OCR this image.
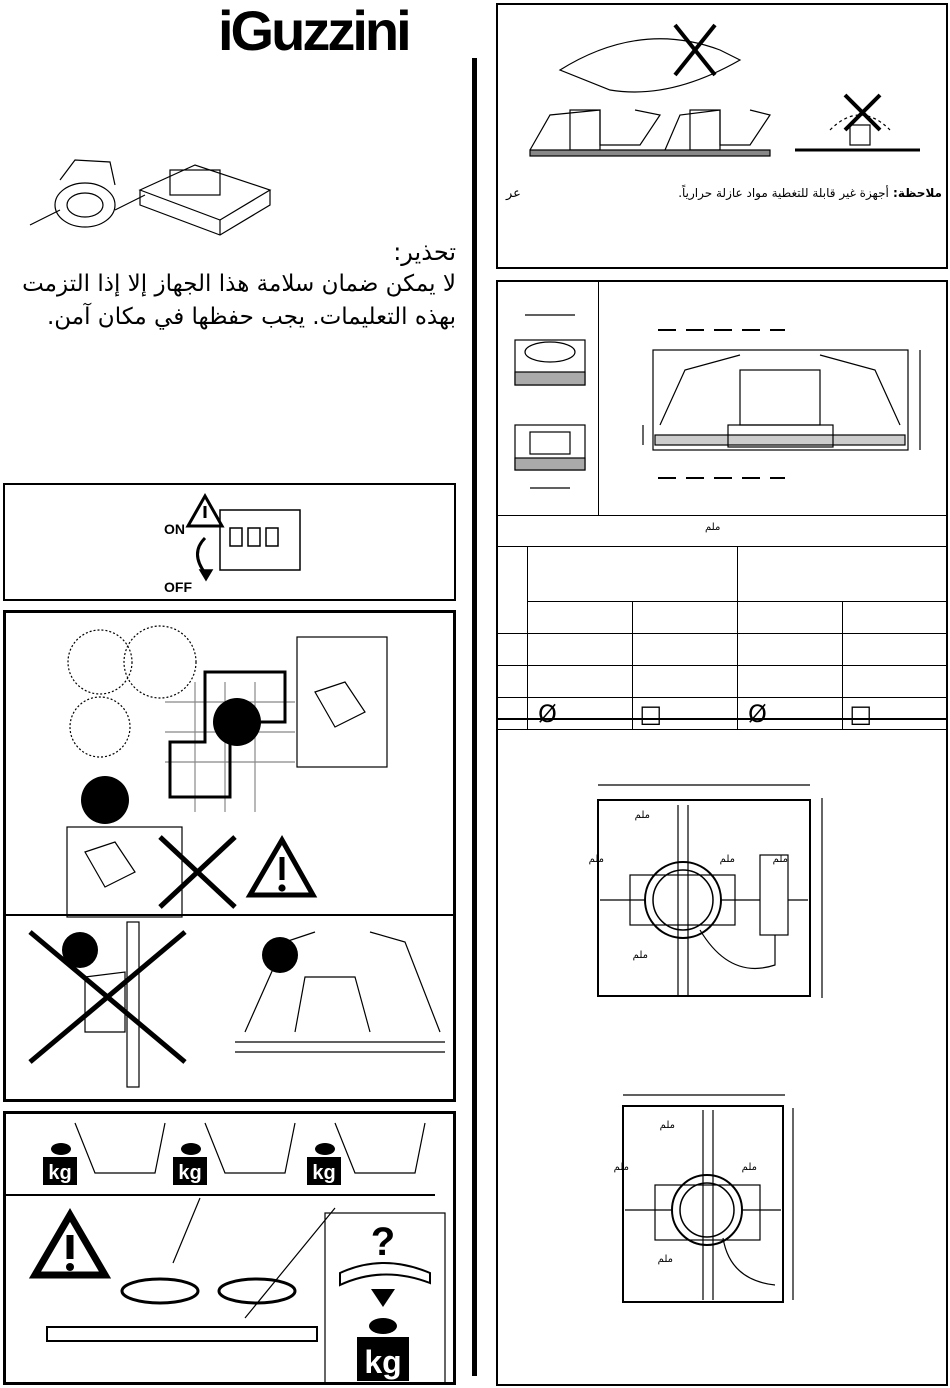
iGuzzini
تحذير:
لا يمكن ضمان سلامة هذا الجهاز إلا إذا التزمت بهذه التعليمات. يجب حفظها في مكان آمن.
ON
OFF
kg	kg	kg
?
kg
ملاحظة: أجهزة غير قابلة للتغطية مواد عازلة حرارياً.
عر
ملم

	Ø	□	Ø	□
ملم
ملم	ملم	ملم
ملم
ملم
ملم	ملم
ملم
